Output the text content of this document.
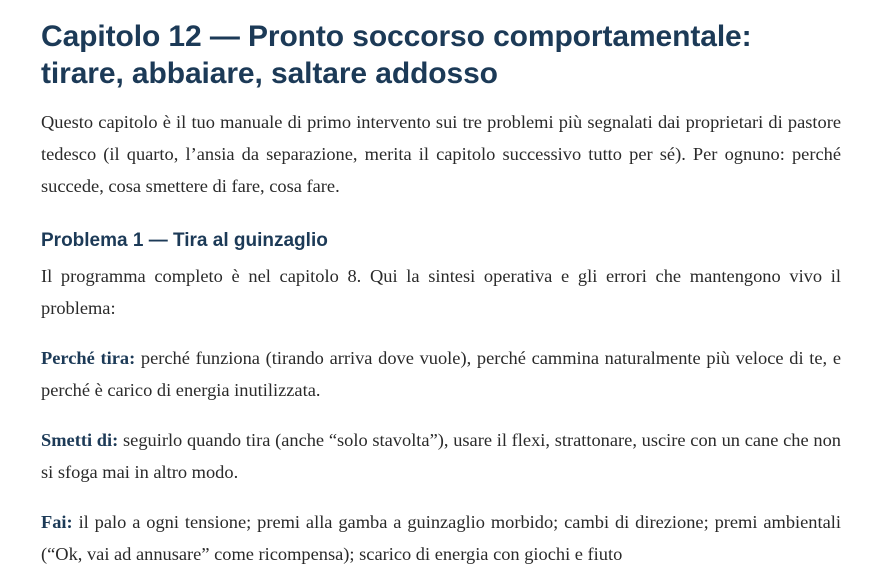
Capitolo 12 — Pronto soccorso comportamentale: tirare, abbaiare, saltare addosso

Questo capitolo è il tuo manuale di primo intervento sui tre problemi più segnalati dai proprietari di pastore tedesco (il quarto, l’ansia da separazione, merita il capitolo successivo tutto per sé). Per ognuno: perché succede, cosa smettere di fare, cosa fare.

Problema 1 — Tira al guinzaglio

Il programma completo è nel capitolo 8. Qui la sintesi operativa e gli errori che mantengono vivo il problema:

Perché tira: perché funziona (tirando arriva dove vuole), perché cammina naturalmente più veloce di te, e perché è carico di energia inutilizzata.

Smetti di: seguirlo quando tira (anche “solo stavolta”), usare il flexi, strattonare, uscire con un cane che non si sfoga mai in altro modo.

Fai: il palo a ogni tensione; premi alla gamba a guinzaglio morbido; cambi di direzione; premi ambientali (“Ok, vai ad annusare” come ricompensa); scarico di energia con giochi e fiuto
